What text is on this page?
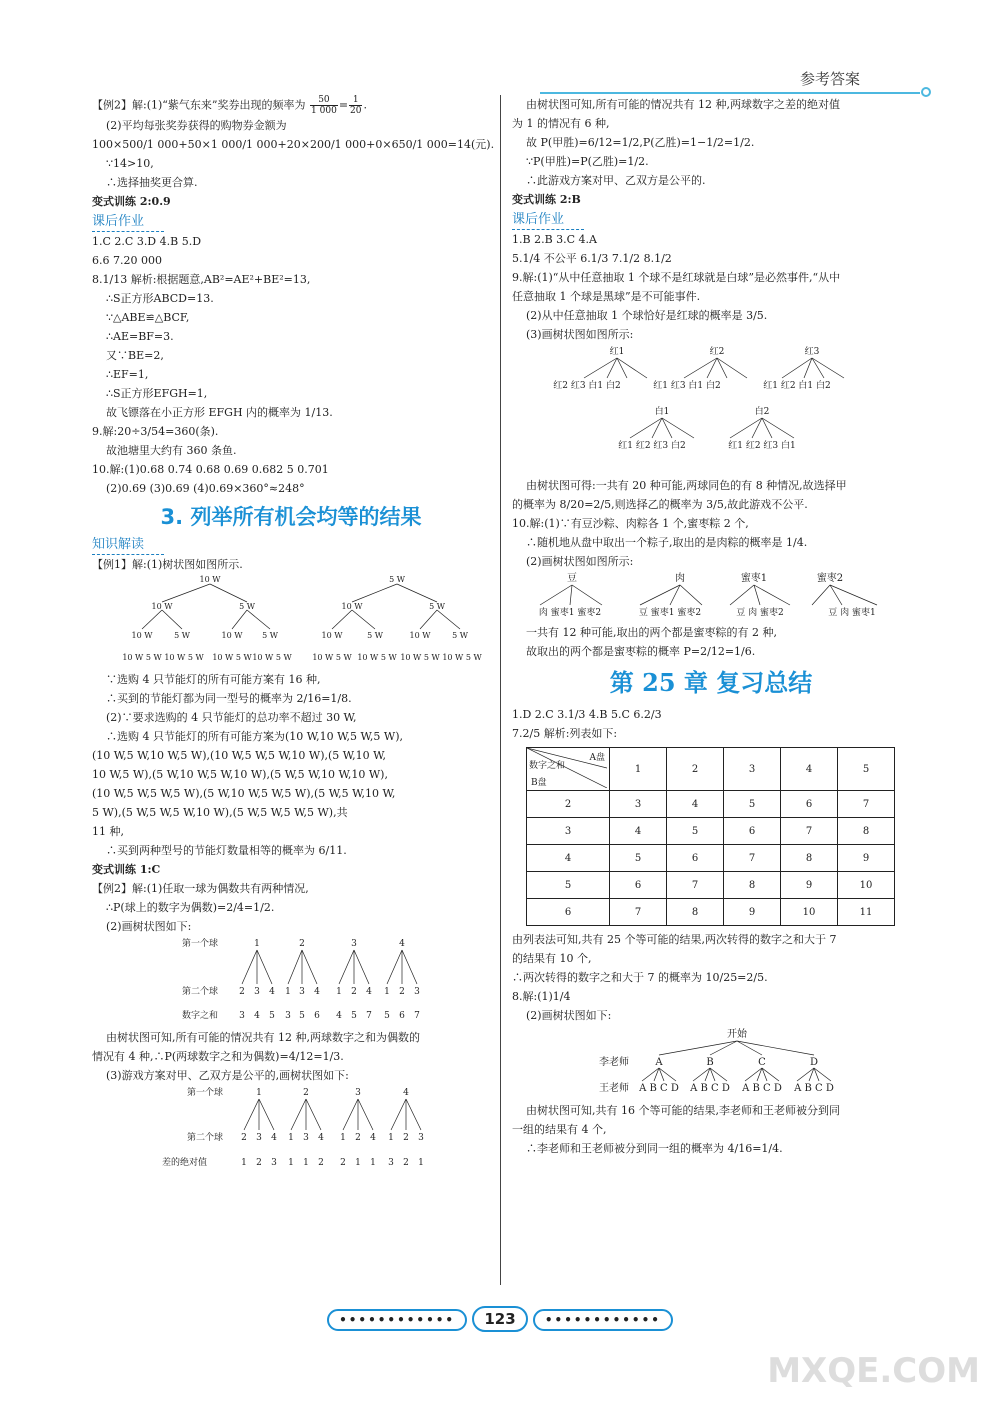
参考答案
【例2】解:(1)“紫气东来”奖券出现的频率为 $\frac{50}{1 000} = \frac{1}{20}$ .
(2)平均每张奖券获得的购物券金额为
100×500/1 000+50×1 000/1 000+20×200/1 000+0×650/1 000=14(元).
∵14>10,
∴选择抽奖更合算.
变式训练 2:0.9
课后作业
1.C 2.C 3.D 4.B 5.D
6.6 7.20 000
8.1/13 解析:根据题意,AB²=AE²+BE²=13,
∴S正方形ABCD=13.
∵△ABE≌△BCF,
∴AE=BF=3.
又∵BE=2,
∴EF=1,
∴S正方形EFGH=1,
故飞镖落在小正方形 EFGH 内的概率为 1/13.
9.解:20÷3/54=360(条).
故池塘里大约有 360 条鱼.
10.解:(1)0.68 0.74 0.68 0.69 0.682 5 0.701
(2)0.69 (3)0.69 (4)0.69×360°≈248°
3. 列举所有机会均等的结果
知识解读
【例1】解:(1)树状图如图所示.
10 W
10 W	5 W
10 W	5 W	10 W 5 W
5 W
10 W	5 W
10 W	5 W	10 W	5 W
10 W 5 W 10 W 5 W 10 W 5 W 10 W 5 W	10 W 5 W 10 W 5 W 10 W 5 W 10 W 5 W
∵选购 4 只节能灯的所有可能方案有 16 种,
∴买到的节能灯都为同一型号的概率为 2/16=1/8.
(2)∵要求选购的 4 只节能灯的总功率不超过 30 W,
∴选购 4 只节能灯的所有可能方案为(10 W,10 W,5 W,5 W),
(10 W,5 W,10 W,5 W),(10 W,5 W,5 W,10 W),(5 W,10 W,
10 W,5 W),(5 W,10 W,5 W,10 W),(5 W,5 W,10 W,10 W),
(10 W,5 W,5 W,5 W),(5 W,10 W,5 W,5 W),(5 W,5 W,10 W,
5 W),(5 W,5 W,5 W,10 W),(5 W,5 W,5 W,5 W),共
11 种,
∴买到两种型号的节能灯数量相等的概率为 6/11.
变式训练 1:C
【例2】解:(1)任取一球为偶数共有两种情况,
∴P(球上的数字为偶数)=2/4=1/2.
(2)画树状图如下:
第一个球
第二个球
数字之和
1	2	3	4
2 3 4 1 3 4 1 2 4 1 2 3
3 4 5 3 5 6 4 5 7 5 6 7
由树状图可知,所有可能的情况共有 12 种,两球数字之和为偶数的
情况有 4 种,∴P(两球数字之和为偶数)=4/12=1/3.
(3)游戏方案对甲、乙双方是公平的,画树状图如下:
第一个球
第二个球
差的绝对值
1	2	3	4
2 3 4 1 3 4 1 2 4 1 2 3
1 2 3 1 1 2 2 1 1 3 2 1
由树状图可知,所有可能的情况共有 12 种,两球数字之差的绝对值
为 1 的情况有 6 种,
故 P(甲胜)=6/12=1/2,P(乙胜)=1−1/2=1/2.
∵P(甲胜)=P(乙胜)=1/2.
∴此游戏方案对甲、乙双方是公平的.
变式训练 2:B
课后作业
1.B 2.B 3.C 4.A
5.1/4 不公平 6.1/3 7.1/2 8.1/2
9.解:(1)“从中任意抽取 1 个球不是红球就是白球”是必然事件,“从中
任意抽取 1 个球是黑球”是不可能事件.
(2)从中任意抽取 1 个球恰好是红球的概率是 3/5.
(3)画树状图如图所示:
红1	红2	红3
红2 红3 白1 白2	红1 红3 白1 白2	红1 红2 白1 白2
白1	白2
红1 红2 红3 白2	红1 红2 红3 白1
由树状图可得:一共有 20 种可能,两球同色的有 8 种情况,故选择甲
的概率为 8/20=2/5,则选择乙的概率为 3/5,故此游戏不公平.
10.解:(1)∵有豆沙粽、肉粽各 1 个,蜜枣粽 2 个,
∴随机地从盘中取出一个粽子,取出的是肉粽的概率是 1/4.
(2)画树状图如图所示:
豆	肉	蜜枣1	蜜枣2
肉 蜜枣1 蜜枣2	豆 蜜枣1 蜜枣2	豆 肉 蜜枣2	豆 肉 蜜枣1
一共有 12 种可能,取出的两个都是蜜枣粽的有 2 种,
故取出的两个都是蜜枣粽的概率 P=2/12=1/6.
第 25 章 复习总结
1.D 2.C 3.1/3 4.B 5.C 6.2/3
7.2/5 解析:列表如下:
A盘
数字之和
B盘	1	2	3	4	5
2	3	4	5	6	7
3	4	5	6	7	8
4	5	6	7	8	9
5	6	7	8	9	10
6	7	8	9	10	11
由列表法可知,共有 25 个等可能的结果,两次转得的数字之和大于 7
的结果有 10 个,
∴两次转得的数字之和大于 7 的概率为 10/25=2/5.
8.解:(1)1/4
(2)画树状图如下:
开始
李老师
王老师
A	B	C	D
A B C D A B C D A B C D A B C D
由树状图可知,共有 16 个等可能的结果,李老师和王老师被分到同
一组的结果有 4 个,
∴李老师和王老师被分到同一组的概率为 4/16=1/4.
•••••••••••• 123 ••••••••••••
MXQE.COM
